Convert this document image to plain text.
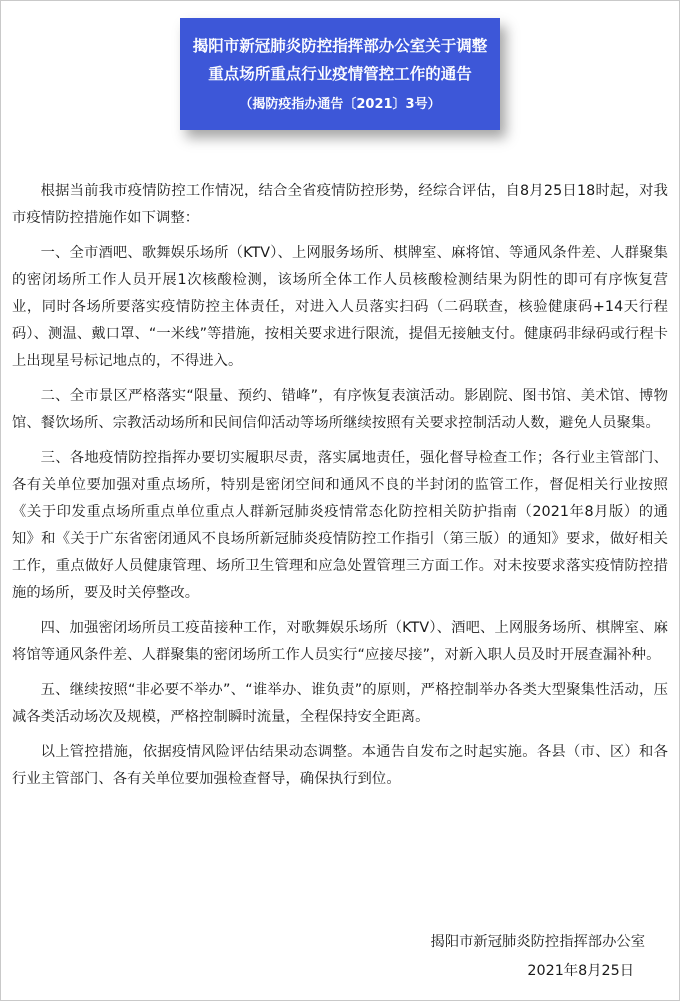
揭阳市新冠肺炎防控指挥部办公室关于调整
重点场所重点行业疫情管控工作的通告
（揭防疫指办通告〔2021〕3号）

根据当前我市疫情防控工作情况，结合全省疫情防控形势，经综合评估，自8月25日18时起，对我市疫情防控措施作如下调整：

一、全市酒吧、歌舞娱乐场所（KTV）、上网服务场所、棋牌室、麻将馆、等通风条件差、人群聚集的密闭场所工作人员开展1次核酸检测，该场所全体工作人员核酸检测结果为阴性的即可有序恢复营业，同时各场所要落实疫情防控主体责任，对进入人员落实扫码（二码联查，核验健康码+14天行程码）、测温、戴口罩、“一米线”等措施，按相关要求进行限流，提倡无接触支付。健康码非绿码或行程卡上出现星号标记地点的，不得进入。

二、全市景区严格落实“限量、预约、错峰”，有序恢复表演活动。影剧院、图书馆、美术馆、博物馆、餐饮场所、宗教活动场所和民间信仰活动等场所继续按照有关要求控制活动人数，避免人员聚集。

三、各地疫情防控指挥办要切实履职尽责，落实属地责任，强化督导检查工作；各行业主管部门、各有关单位要加强对重点场所，特别是密闭空间和通风不良的半封闭的监管工作，督促相关行业按照《关于印发重点场所重点单位重点人群新冠肺炎疫情常态化防控相关防护指南（2021年8月版）的通知》和《关于广东省密闭通风不良场所新冠肺炎疫情防控工作指引（第三版）的通知》要求，做好相关工作，重点做好人员健康管理、场所卫生管理和应急处置管理三方面工作。对未按要求落实疫情防控措施的场所，要及时关停整改。

四、加强密闭场所员工疫苗接种工作，对歌舞娱乐场所（KTV）、酒吧、上网服务场所、棋牌室、麻将馆等通风条件差、人群聚集的密闭场所工作人员实行“应接尽接”，对新入职人员及时开展查漏补种。

五、继续按照“非必要不举办”、“谁举办、谁负责”的原则，严格控制举办各类大型聚集性活动，压减各类活动场次及规模，严格控制瞬时流量，全程保持安全距离。

以上管控措施，依据疫情风险评估结果动态调整。本通告自发布之时起实施。各县（市、区）和各行业主管部门、各有关单位要加强检查督导，确保执行到位。

揭阳市新冠肺炎防控指挥部办公室
2021年8月25日
